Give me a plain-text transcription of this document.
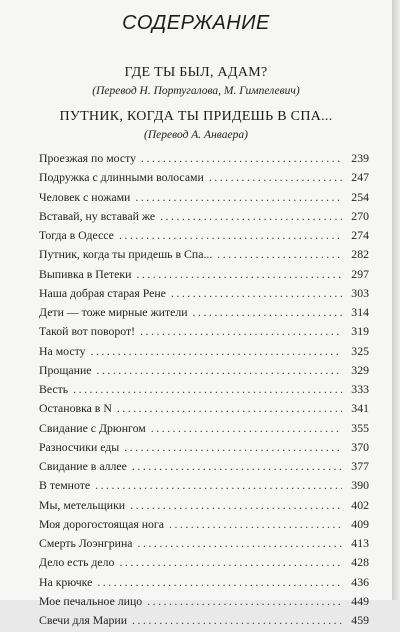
СОДЕРЖАНИЕ
ГДЕ ТЫ БЫЛ, АДАМ?
(Перевод Н. Португалова, М. Гимпелевич)
ПУТНИК, КОГДА ТЫ ПРИДЕШЬ В СПА...
(Перевод А. Анвaера)
Проезжая по мосту .....	239
Подружка с длинными волосами .....	247
Человек с ножами .....	254
Вставай, ну вставай же .....	270
Тогда в Одессе .....	274
Путник, когда ты придешь в Спа... .....	282
Выпивка в Петеки .....	297
Наша добрая старая Рене .....	303
Дети — тоже мирные жители .....	314
Такой вот поворот! .....	319
На мосту .....	325
Прощание .....	329
Весть .....	333
Остановка в N .....	341
Свидание с Дрюнгом .....	355
Разносчики еды .....	370
Свидание в аллее .....	377
В темноте .....	390
Мы, метельщики .....	402
Моя дорогостоящая нога .....	409
Смерть Лоэнгрина .....	413
Дело есть дело .....	428
На крючке .....	436
Мое печальное лицо .....	449
Свечи для Марии .....	459
